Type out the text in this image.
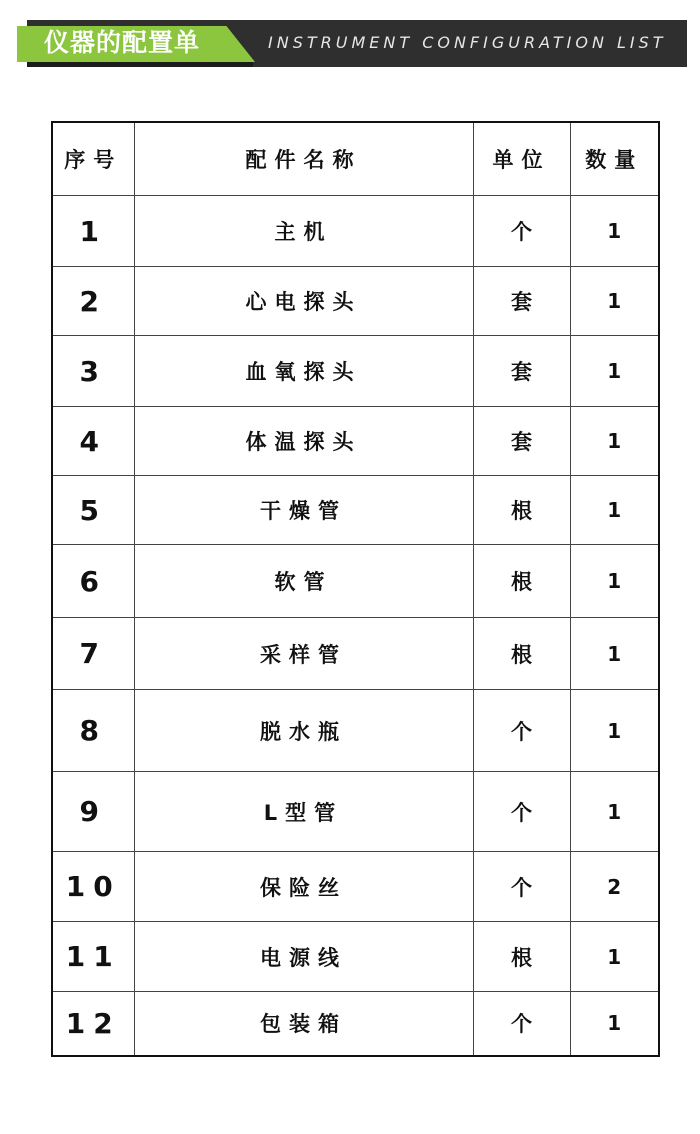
仪器的配置单	INSTRUMENT CONFIGURATION LIST
序号	配件名称	单位	数量
1	主机	个	1
2	心电探头	套	1
3	血氧探头	套	1
4	体温探头	套	1
5	干燥管	根	1
6	软管	根	1
7	采样管	根	1
8	脱水瓶	个	1
9	L型管	个	1
10	保险丝	个	2
11	电源线	根	1
12	包装箱	个	1
